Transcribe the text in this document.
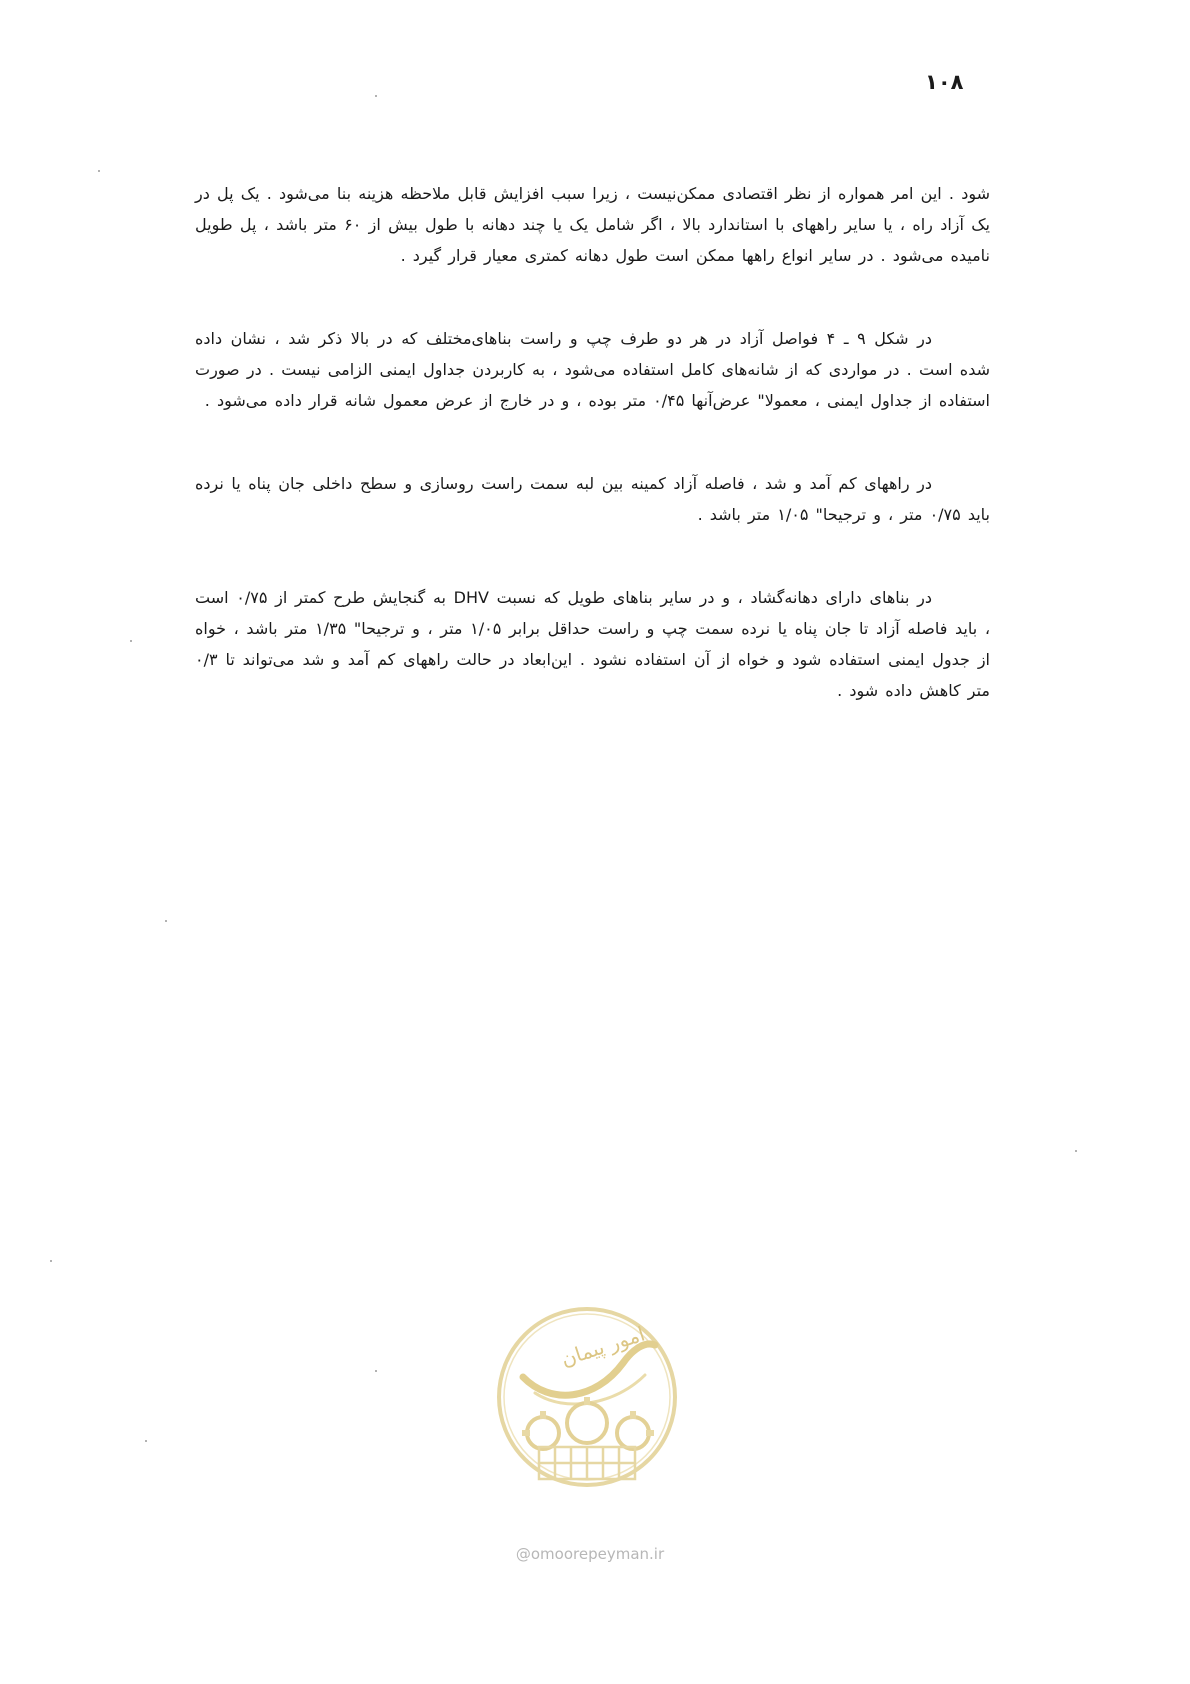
۱۰۸

شود . این امر همواره از نظر اقتصادی ممکن‌نیست ، زیرا سبب افزایش قابل ملاحظه هزینه بنا می‌شود . یک پل در یک آزاد راه ، یا سایر راههای با استاندارد بالا ، اگر شامل یک یا چند دهانه با طول بیش از ۶۰ متر باشد ، پل طویل نامیده می‌شود . در سایر انواع راهها ممکن است طول دهانه کمتری معیار قرار گیرد .

در شکل ۹ ـ ۴ فواصل آزاد در هر دو طرف چپ و راست بناهای‌مختلف که در بالا ذکر شد ، نشان داده شده است . در مواردی که از شانه‌های کامل استفاده می‌شود ، به کاربردن جداول ایمنی الزامی نیست . در صورت استفاده از جداول ایمنی ، معمولا" عرض‌آنها ۰/۴۵ متر بوده ، و در خارج از عرض معمول شانه قرار داده می‌شود .

در راههای کم آمد و شد ، فاصله آزاد کمینه بین لبه سمت راست روسازی و سطح داخلی جان پناه یا نرده باید ۰/۷۵ متر ، و ترجیحا" ۱/۰۵ متر باشد .

در بناهای دارای دهانه‌گشاد ، و در سایر بناهای طویل که نسبت DHV به گنجایش طرح کمتر از ۰/۷۵ است ، باید فاصله آزاد تا جان پناه یا نرده سمت چپ و راست حداقل برابر ۱/۰۵ متر ، و ترجیحا" ۱/۳۵ متر باشد ، خواه از جدول ایمنی استفاده شود و خواه از آن استفاده نشود . این‌ابعاد در حالت راههای کم آمد و شد می‌تواند تا ۰/۳ متر کاهش داده شود .

امور پیمان
@omoorepeyman.ir
